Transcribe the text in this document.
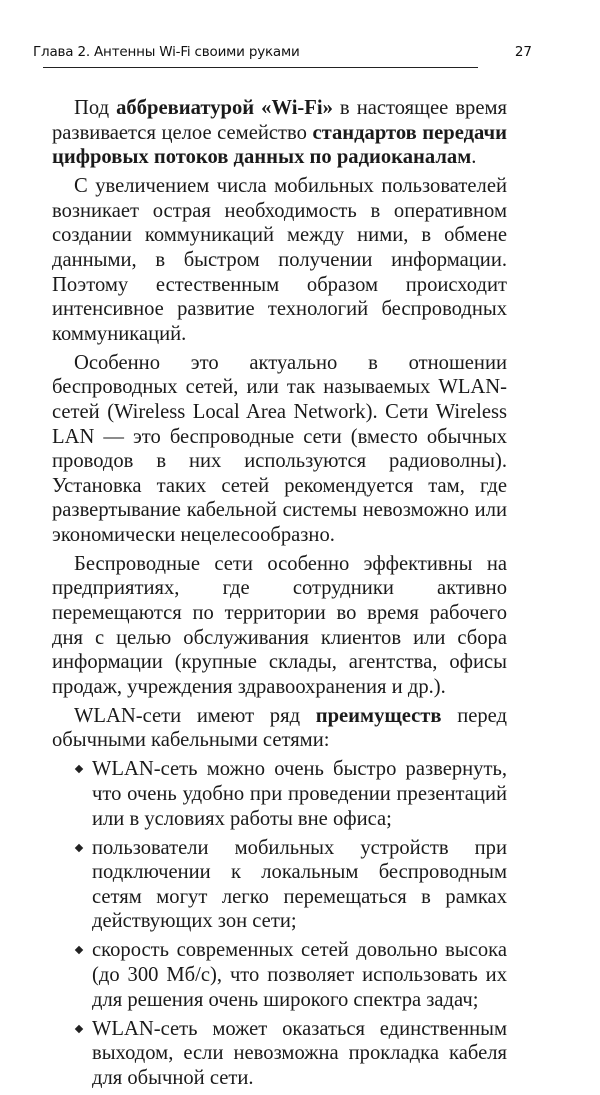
Глава 2. Антенны Wi-Fi своими руками	27

Под аббревиатурой «Wi-Fi» в настоящее время развивается целое семейство стандартов передачи цифровых потоков данных по радиоканалам.

С увеличением числа мобильных пользователей возникает острая необходимость в оперативном создании коммуникаций между ними, в обмене данными, в быстром получении информации. Поэтому естественным образом происходит интенсивное развитие технологий беспроводных коммуникаций.

Особенно это актуально в отношении беспроводных сетей, или так называемых WLAN-сетей (Wireless Local Area Network). Сети Wireless LAN — это беспроводные сети (вместо обычных проводов в них используются радиоволны). Установка таких сетей рекомендуется там, где развертывание кабельной системы невозможно или экономически нецелесообразно.

Беспроводные сети особенно эффективны на предприятиях, где сотрудники активно перемещаются по территории во время рабочего дня с целью обслуживания клиентов или сбора информации (крупные склады, агентства, офисы продаж, учреждения здравоохранения и др.).

WLAN-сети имеют ряд преимуществ перед обычными кабельными сетями:

WLAN-сеть можно очень быстро развернуть, что очень удобно при проведении презентаций или в условиях работы вне офиса;
пользователи мобильных устройств при подключении к локальным беспроводным сетям могут легко перемещаться в рамках действующих зон сети;
скорость современных сетей довольно высока (до 300 Мб/с), что позволяет использовать их для решения очень широкого спектра задач;
WLAN-сеть может оказаться единственным выходом, если невозможна прокладка кабеля для обычной сети.
